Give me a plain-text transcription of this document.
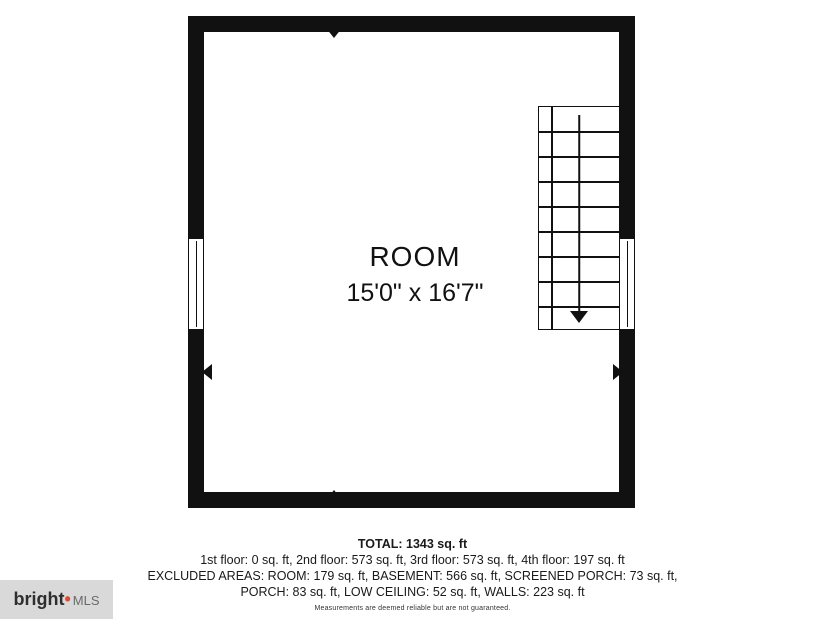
ROOM
15'0" x 16'7"
TOTAL: 1343 sq. ft
1st floor: 0 sq. ft, 2nd floor: 573 sq. ft, 3rd floor: 573 sq. ft, 4th floor: 197 sq. ft
EXCLUDED AREAS: ROOM: 179 sq. ft, BASEMENT: 566 sq. ft, SCREENED PORCH: 73 sq. ft,
PORCH: 83 sq. ft, LOW CEILING: 52 sq. ft, WALLS: 223 sq. ft
Measurements are deemed reliable but are not guaranteed.
bright• MLS
